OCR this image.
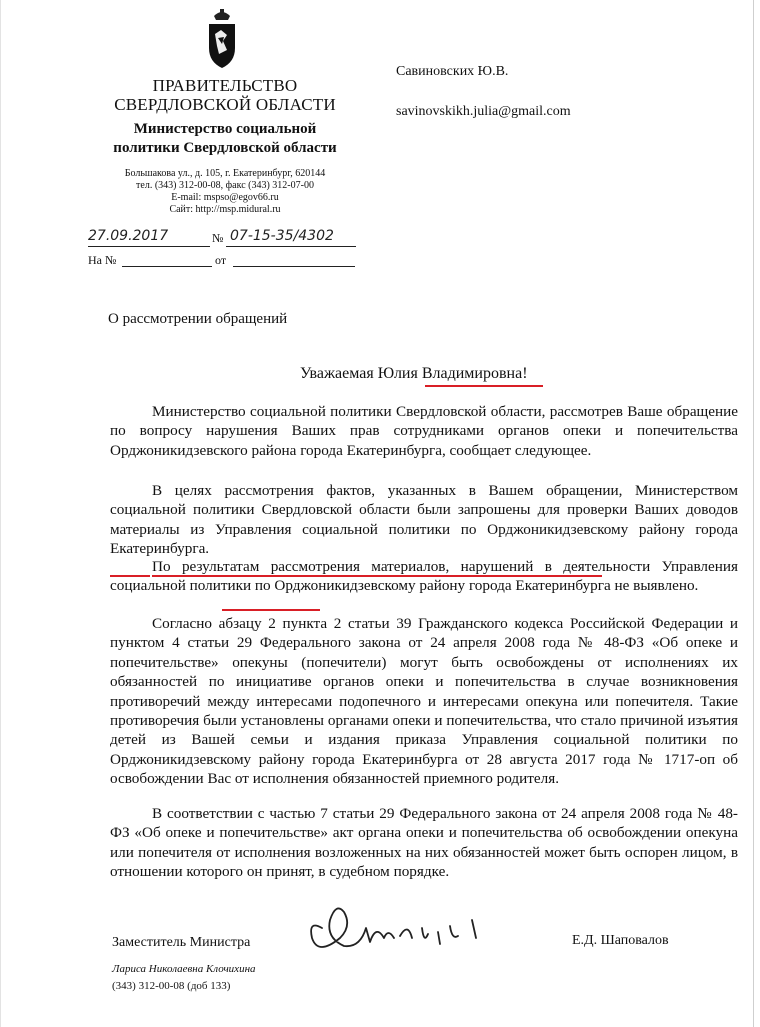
ПРАВИТЕЛЬСТВО
СВЕРДЛОВСКОЙ ОБЛАСТИ
Министерство социальной
политики Свердловской области
Большакова ул., д. 105, г. Екатеринбург, 620144
тел. (343) 312-00-08, факс (343) 312-07-00
E-mail: mspso@egov66.ru
Сайт: http://msp.midural.ru
27.09.2017	№ 07-15-35/4302
На №	от
Савиновских Ю.В.
savinovskikh.julia@gmail.com
О рассмотрении обращений
Уважаемая Юлия Владимировна!
Министерство социальной политики Свердловской области, рассмотрев Ваше обращение по вопросу нарушения Ваших прав сотрудниками органов опеки и попечительства Орджоникидзевского района города Екатеринбурга, сообщает следующее.
В целях рассмотрения фактов, указанных в Вашем обращении, Министерством социальной политики Свердловской области были запрошены для проверки Ваших доводов материалы из Управления социальной политики по Орджоникидзевскому району города Екатеринбурга.
По результатам рассмотрения материалов, нарушений в деятельности Управления социальной политики по Орджоникидзевскому району города Екатеринбурга не выявлено.
Согласно абзацу 2 пункта 2 статьи 39 Гражданского кодекса Российской Федерации и пунктом 4 статьи 29 Федерального закона от 24 апреля 2008 года № 48-ФЗ «Об опеке и попечительстве» опекуны (попечители) могут быть освобождены от исполнениях их обязанностей по инициативе органов опеки и попечительства в случае возникновения противоречий между интересами подопечного и интересами опекуна или попечителя. Такие противоречия были установлены органами опеки и попечительства, что стало причиной изъятия детей из Вашей семьи и издания приказа Управления социальной политики по Орджоникидзевскому району города Екатеринбурга от 28 августа 2017 года № 1717-оп об освобождении Вас от исполнения обязанностей приемного родителя.
В соответствии с частью 7 статьи 29 Федерального закона от 24 апреля 2008 года № 48-ФЗ «Об опеке и попечительстве» акт органа опеки и попечительства об освобождении опекуна или попечителя от исполнения возложенных на них обязанностей может быть оспорен лицом, в отношении которого он принят, в судебном порядке.
Заместитель Министра	Е.Д. Шаповалов
Лариса Николаевна Клочихина
(343) 312-00-08 (доб 133)
